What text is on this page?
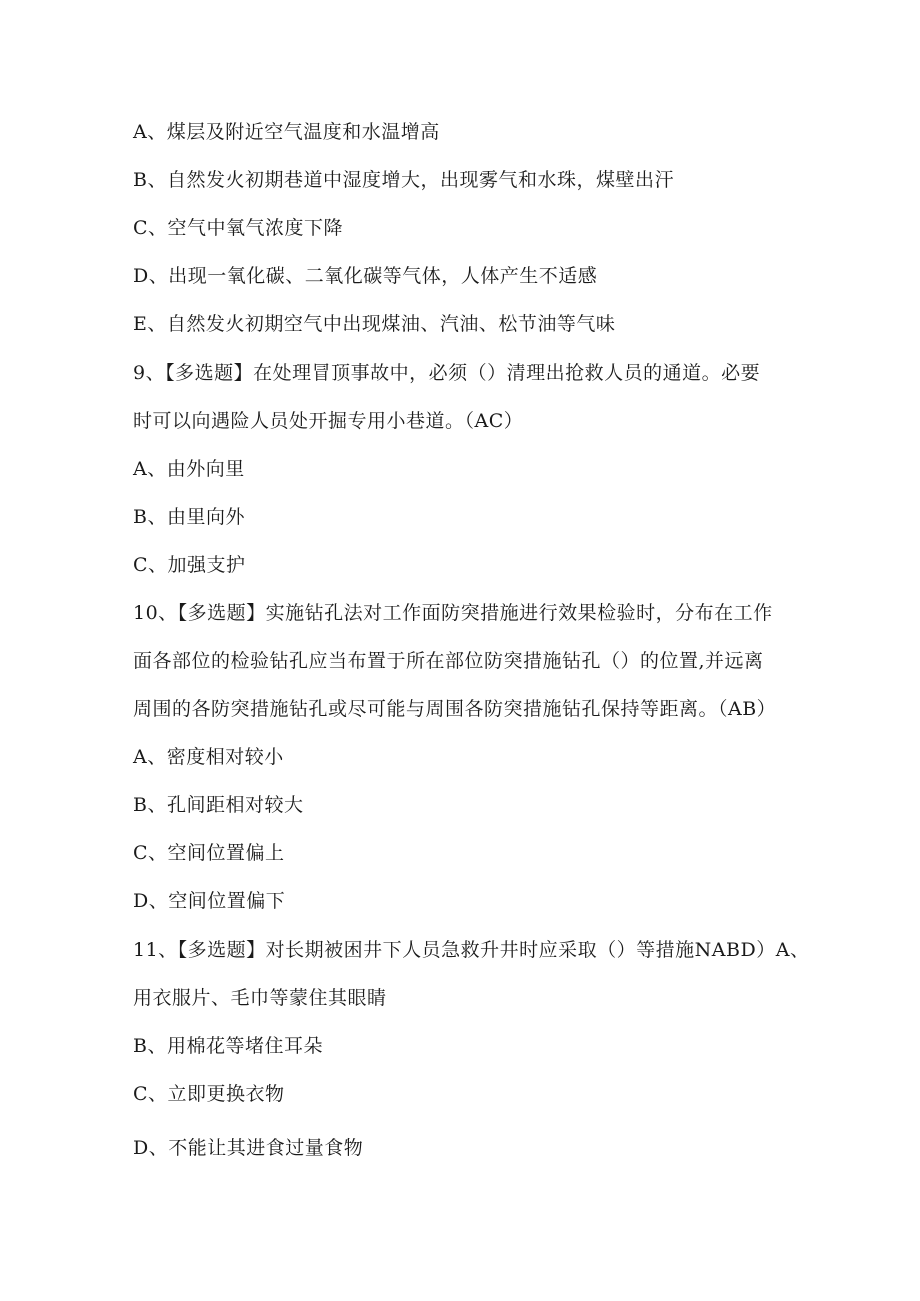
A、煤层及附近空气温度和水温增高
B、自然发火初期巷道中湿度增大，出现雾气和水珠，煤壁出汗
C、空气中氧气浓度下降
D、出现一氧化碳、二氧化碳等气体，人体产生不适感
E、自然发火初期空气中出现煤油、汽油、松节油等气味
9、【多选题】在处理冒顶事故中，必须（）清理出抢救人员的通道。必要
时可以向遇险人员处开掘专用小巷道。（AC）
A、由外向里
B、由里向外
C、加强支护
10、【多选题】实施钻孔法对工作面防突措施进行效果检验时，分布在工作
面各部位的检验钻孔应当布置于所在部位防突措施钻孔（）的位置,并远离
周围的各防突措施钻孔或尽可能与周围各防突措施钻孔保持等距离。（AB）
A、密度相对较小
B、孔间距相对较大
C、空间位置偏上
D、空间位置偏下
11、【多选题】对长期被困井下人员急救升井时应采取（）等措施NABD）A、
用衣服片、毛巾等蒙住其眼睛
B、用棉花等堵住耳朵
C、立即更换衣物
D、不能让其进食过量食物
